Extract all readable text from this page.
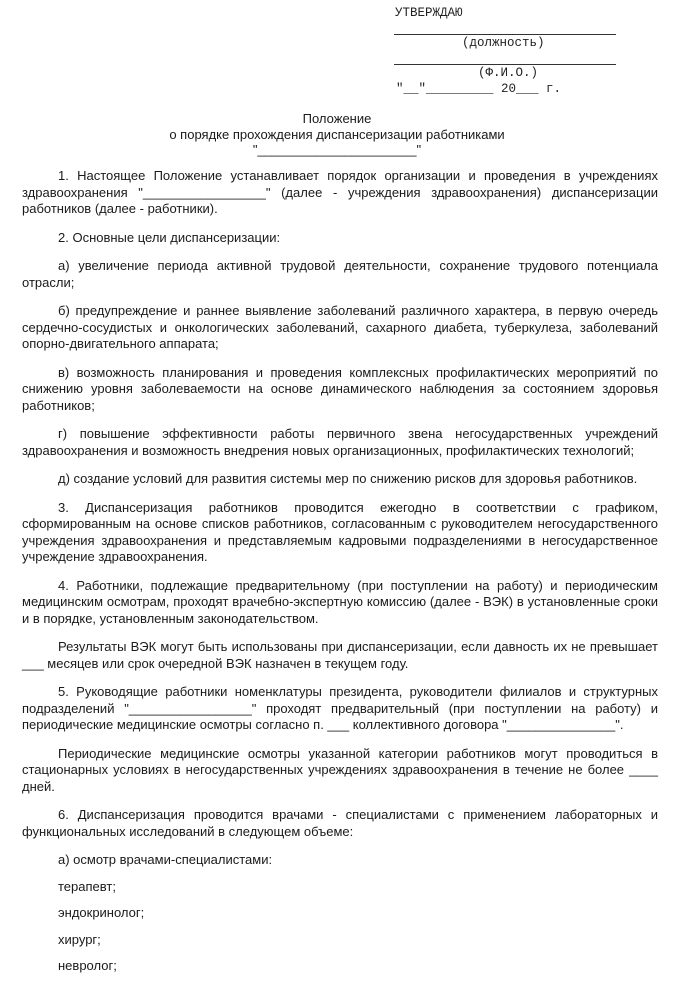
УТВЕРЖДАЮ
(должность)
(Ф.И.О.)
"__"_________ 20___ г.
Положение
о порядке прохождения диспансеризации работниками
"______________________"

1. Настоящее Положение устанавливает порядок организации и проведения в учреждениях здравоохранения "_________________" (далее - учреждения здравоохранения) диспансеризации работников (далее - работники).

2. Основные цели диспансеризации:

а) увеличение периода активной трудовой деятельности, сохранение трудового потенциала отрасли;

б) предупреждение и раннее выявление заболеваний различного характера, в первую очередь сердечно-сосудистых и онкологических заболеваний, сахарного диабета, туберкулеза, заболеваний опорно-двигательного аппарата;

в) возможность планирования и проведения комплексных профилактических мероприятий по снижению уровня заболеваемости на основе динамического наблюдения за состоянием здоровья работников;

г) повышение эффективности работы первичного звена негосударственных учреждений здравоохранения и возможность внедрения новых организационных, профилактических технологий;

д) создание условий для развития системы мер по снижению рисков для здоровья работников.

3. Диспансеризация работников проводится ежегодно в соответствии с графиком, сформированным на основе списков работников, согласованным с руководителем негосударственного учреждения здравоохранения и представляемым кадровыми подразделениями в негосударственное учреждение здравоохранения.

4. Работники, подлежащие предварительному (при поступлении на работу) и периодическим медицинским осмотрам, проходят врачебно-экспертную комиссию (далее - ВЭК) в установленные сроки и в порядке, установленным законодательством.

Результаты ВЭК могут быть использованы при диспансеризации, если давность их не превышает ___ месяцев или срок очередной ВЭК назначен в текущем году.

5. Руководящие работники номенклатуры президента, руководители филиалов и структурных подразделений "_________________" проходят предварительный (при поступлении на работу) и периодические медицинские осмотры согласно п. ___ коллективного договора "_______________".

Периодические медицинские осмотры указанной категории работников могут проводиться в стационарных условиях в негосударственных учреждениях здравоохранения в течение не более ____ дней.

6. Диспансеризация проводится врачами - специалистами с применением лабораторных и функциональных исследований в следующем объеме:

а) осмотр врачами-специалистами:

терапевт;

эндокринолог;

хирург;

невролог;
